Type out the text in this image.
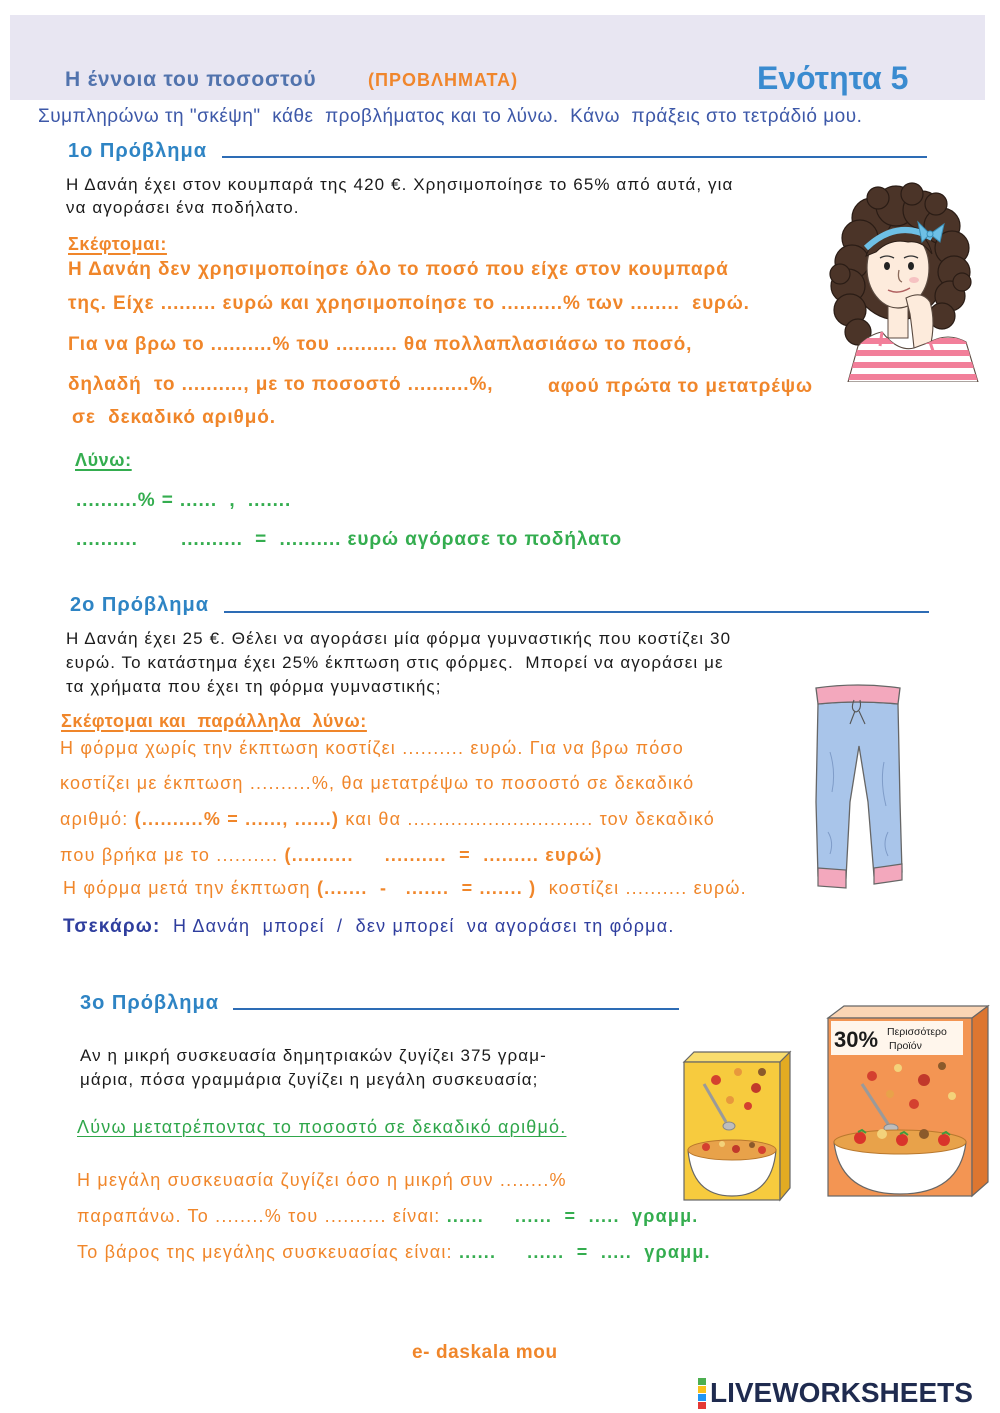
Η έννοια του ποσοστού	(ΠΡΟΒΛΗΜΑΤΑ)	Ενότητα 5
Συμπληρώνω τη "σκέψη"  κάθε  προβλήματος και το λύνω.  Κάνω  πράξεις στο τετράδιό μου.
1ο Πρόβλημα
Η Δανάη έχει στον κουμπαρά της 420 €. Χρησιμοποίησε το 65% από αυτά, για
να αγοράσει ένα ποδήλατο.
Σκέφτομαι:
Η Δανάη δεν χρησιμοποίησε όλο το ποσό που είχε στον κουμπαρά
της. Είχε ......... ευρώ και χρησιμοποίησε το ..........% των ........  ευρώ.
Για να βρω το ..........% του .......... θα πολλαπλασιάσω το ποσό,
δηλαδή  το .........., με το ποσοστό ..........%,	αφού πρώτα το μετατρέψω
σε  δεκαδικό αριθμό.
Λύνω:
..........% = ......  ,  .......
..........       ..........  =  .......... ευρώ αγόρασε το ποδήλατο
2ο Πρόβλημα
Η Δανάη έχει 25 €. Θέλει να αγοράσει μία φόρμα γυμναστικής που κοστίζει 30
ευρώ. Το κατάστημα έχει 25% έκπτωση στις φόρμες.  Μπορεί να αγοράσει με
τα χρήματα που έχει τη φόρμα γυμναστικής;
Σκέφτομαι και  παράλληλα  λύνω:
Η φόρμα χωρίς την έκπτωση κοστίζει .......... ευρώ. Για να βρω πόσο
κοστίζει με έκπτωση ..........%, θα μετατρέψω το ποσοστό σε δεκαδικό
αριθμό: (..........% = ......, ......) και θα .............................. τον δεκαδικό
που βρήκα με το .......... (..........     ..........  =  ......... ευρώ)
Η φόρμα μετά την έκπτωση (.......  -   .......  = ....... )  κοστίζει .......... ευρώ.
Τσεκάρω:  Η Δανάη  μπορεί  /  δεν μπορεί  να αγοράσει τη φόρμα.
3ο Πρόβλημα
Αν η μικρή συσκευασία δημητριακών ζυγίζει 375 γραμ-
μάρια, πόσα γραμμάρια ζυγίζει η μεγάλη συσκευασία;
Λύνω μετατρέποντας το ποσοστό σε δεκαδικό αριθμό.
Η μεγάλη συσκευασία ζυγίζει όσο η μικρή συν ........%
παραπάνω. Το ........% του .......... είναι: ......     ......  =  .....  γραμμ.
Το βάρος της μεγάλης συσκευασίας είναι: ......     ......  =  .....  γραμμ.
30% Περισσότερο
Προϊόν
e- daskala mou
LIVEWORKSHEETS
